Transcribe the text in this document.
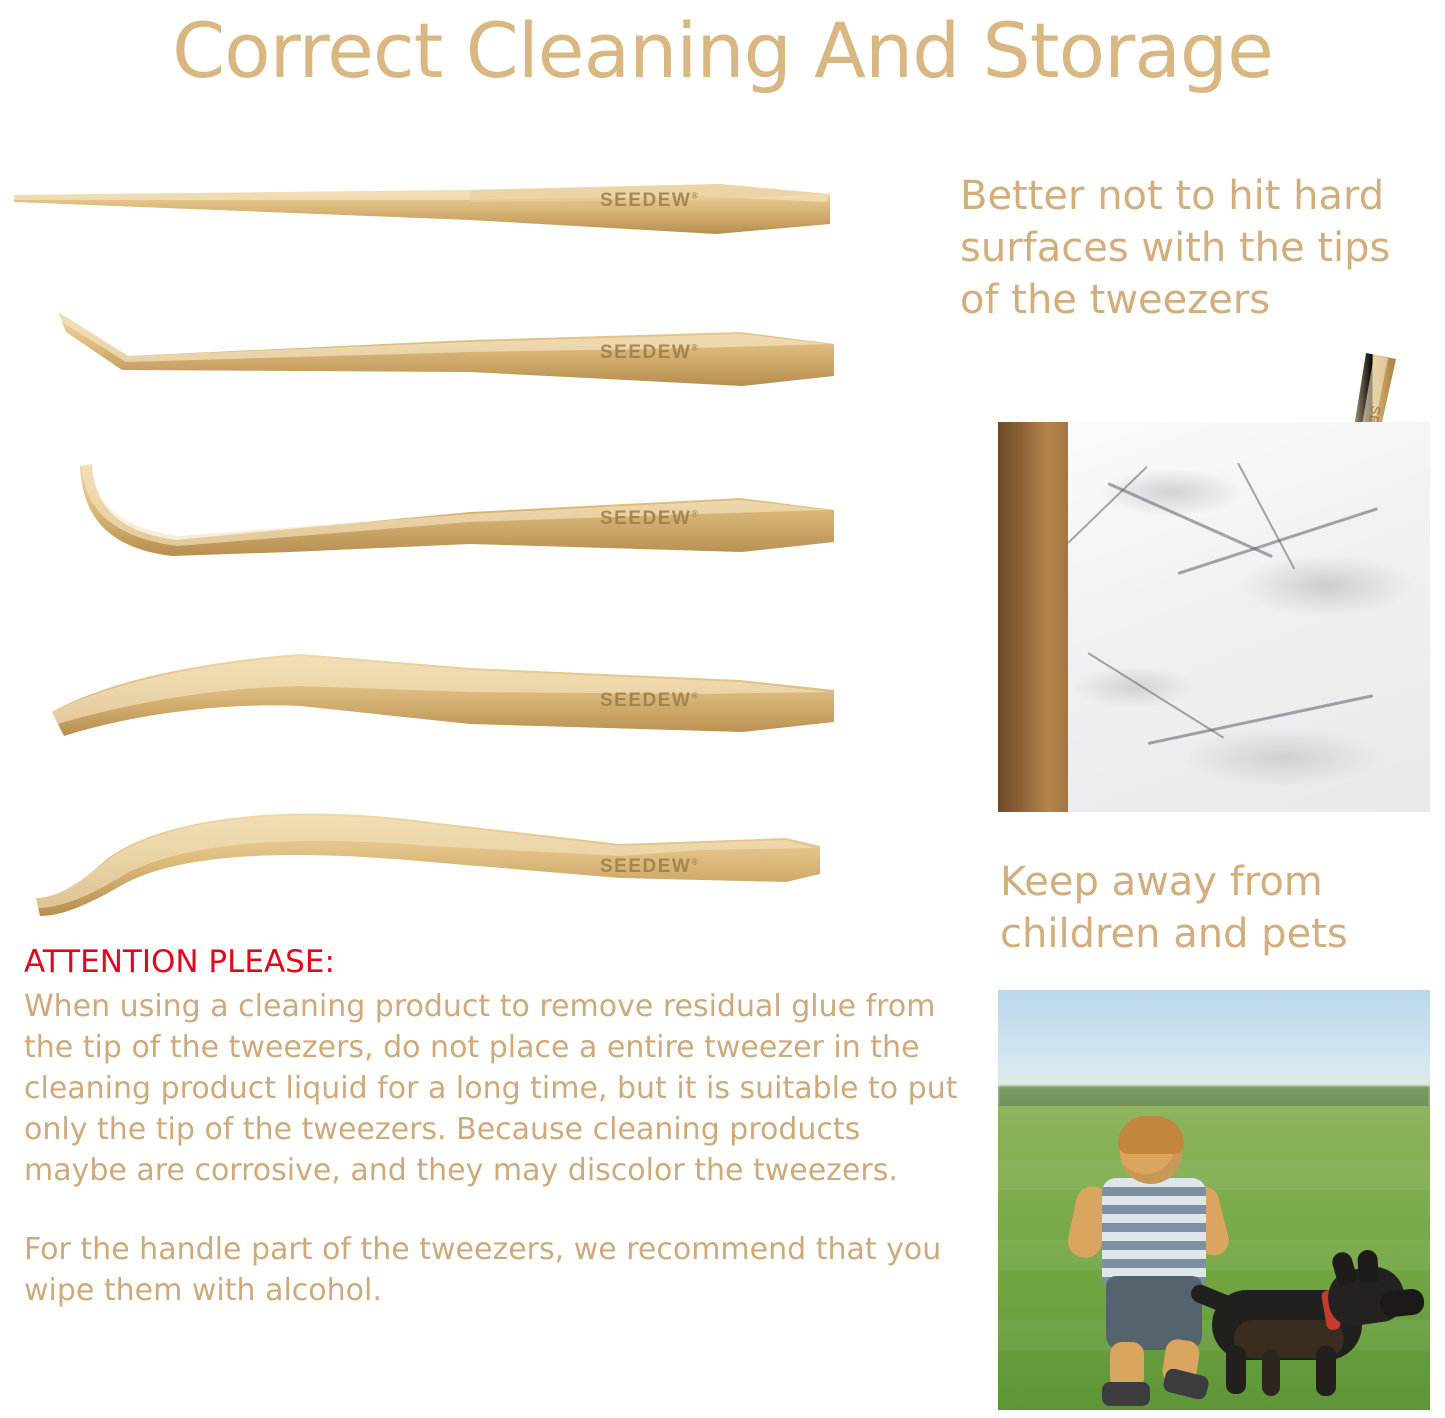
Correct Cleaning And Storage
SEEDEW®
SEEDEW®
SEEDEW®
SEEDEW®
SEEDEW®
ATTENTION PLEASE:
When using a cleaning product to remove residual glue from the tip of the tweezers, do not place a entire tweezer in the cleaning product liquid for a long time, but it is suitable to put only the tip of the tweezers. Because cleaning products maybe are corrosive, and they may discolor the tweezers.
For the handle part of the tweezers, we recommend that you wipe them with alcohol.
Better not to hit hard surfaces with the tips of the tweezers
Keep away from children and pets
